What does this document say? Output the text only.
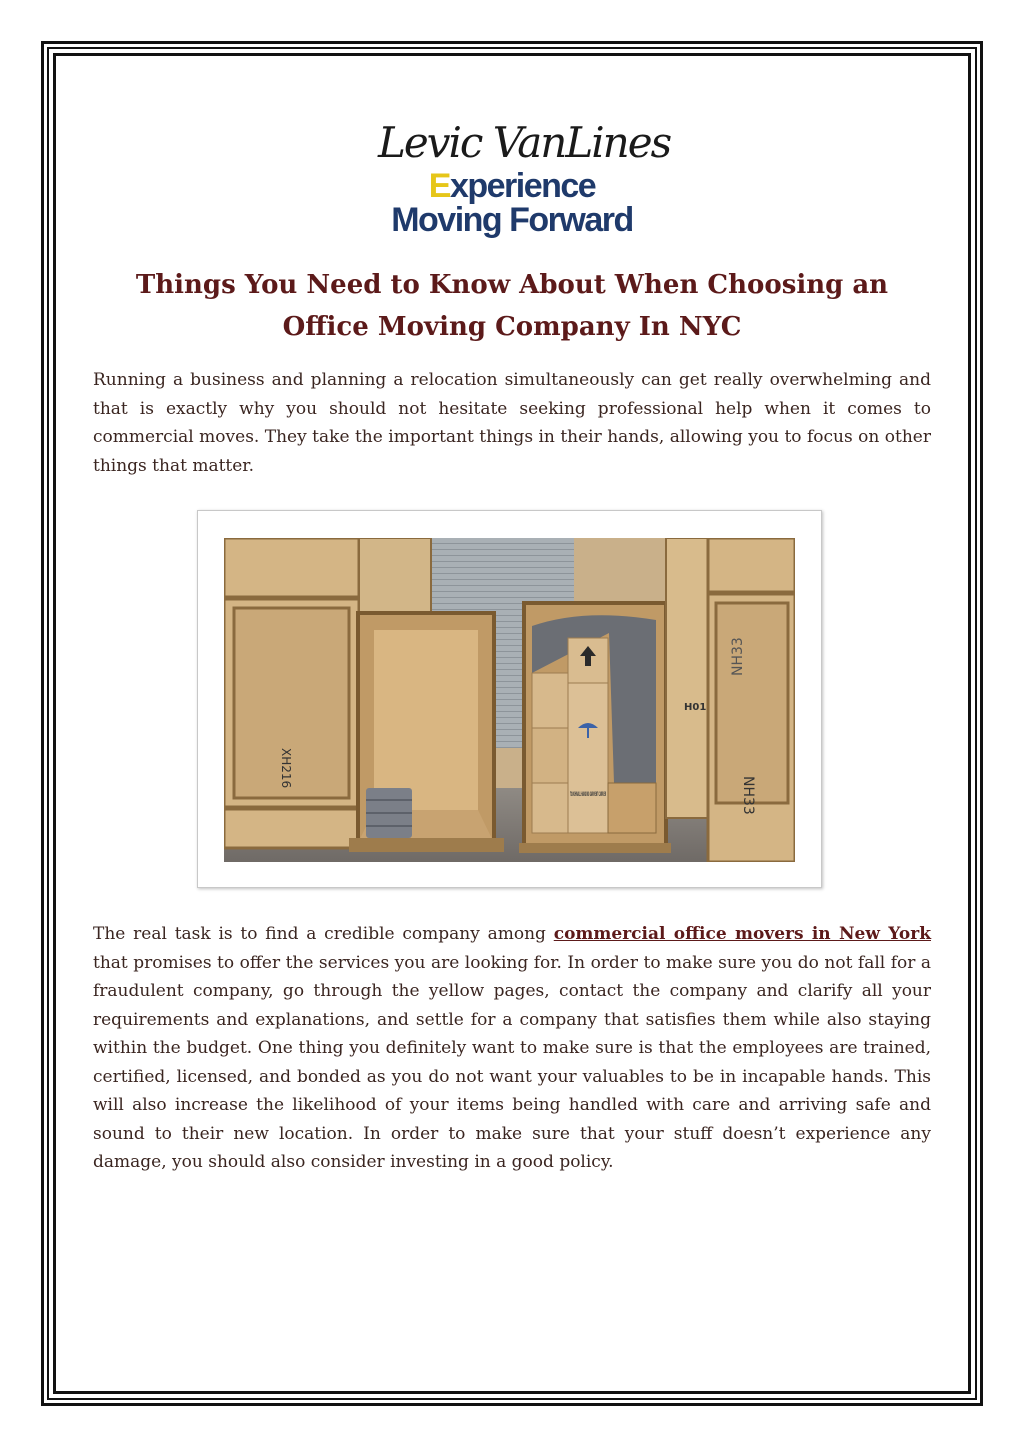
Levic VanLines
Experience
Moving Forward
Things You Need to Know About When Choosing an Office Moving Company In NYC

Running a business and planning a relocation simultaneously can get really overwhelming and that is exactly why you should not hesitate seeking professional help when it comes to commercial moves. They take the important things in their hands, allowing you to focus on other things that matter.

XH216
TOUGHWALL HANGING GARMENT CARRIER
NH33
NH33
H01

The real task is to find a credible company among commercial office movers in New York that promises to offer the services you are looking for. In order to make sure you do not fall for a fraudulent company, go through the yellow pages, contact the company and clarify all your requirements and explanations, and settle for a company that satisfies them while also staying within the budget. One thing you definitely want to make sure is that the employees are trained, certified, licensed, and bonded as you do not want your valuables to be in incapable hands. This will also increase the likelihood of your items being handled with care and arriving safe and sound to their new location. In order to make sure that your stuff doesn’t experience any damage, you should also consider investing in a good policy.
